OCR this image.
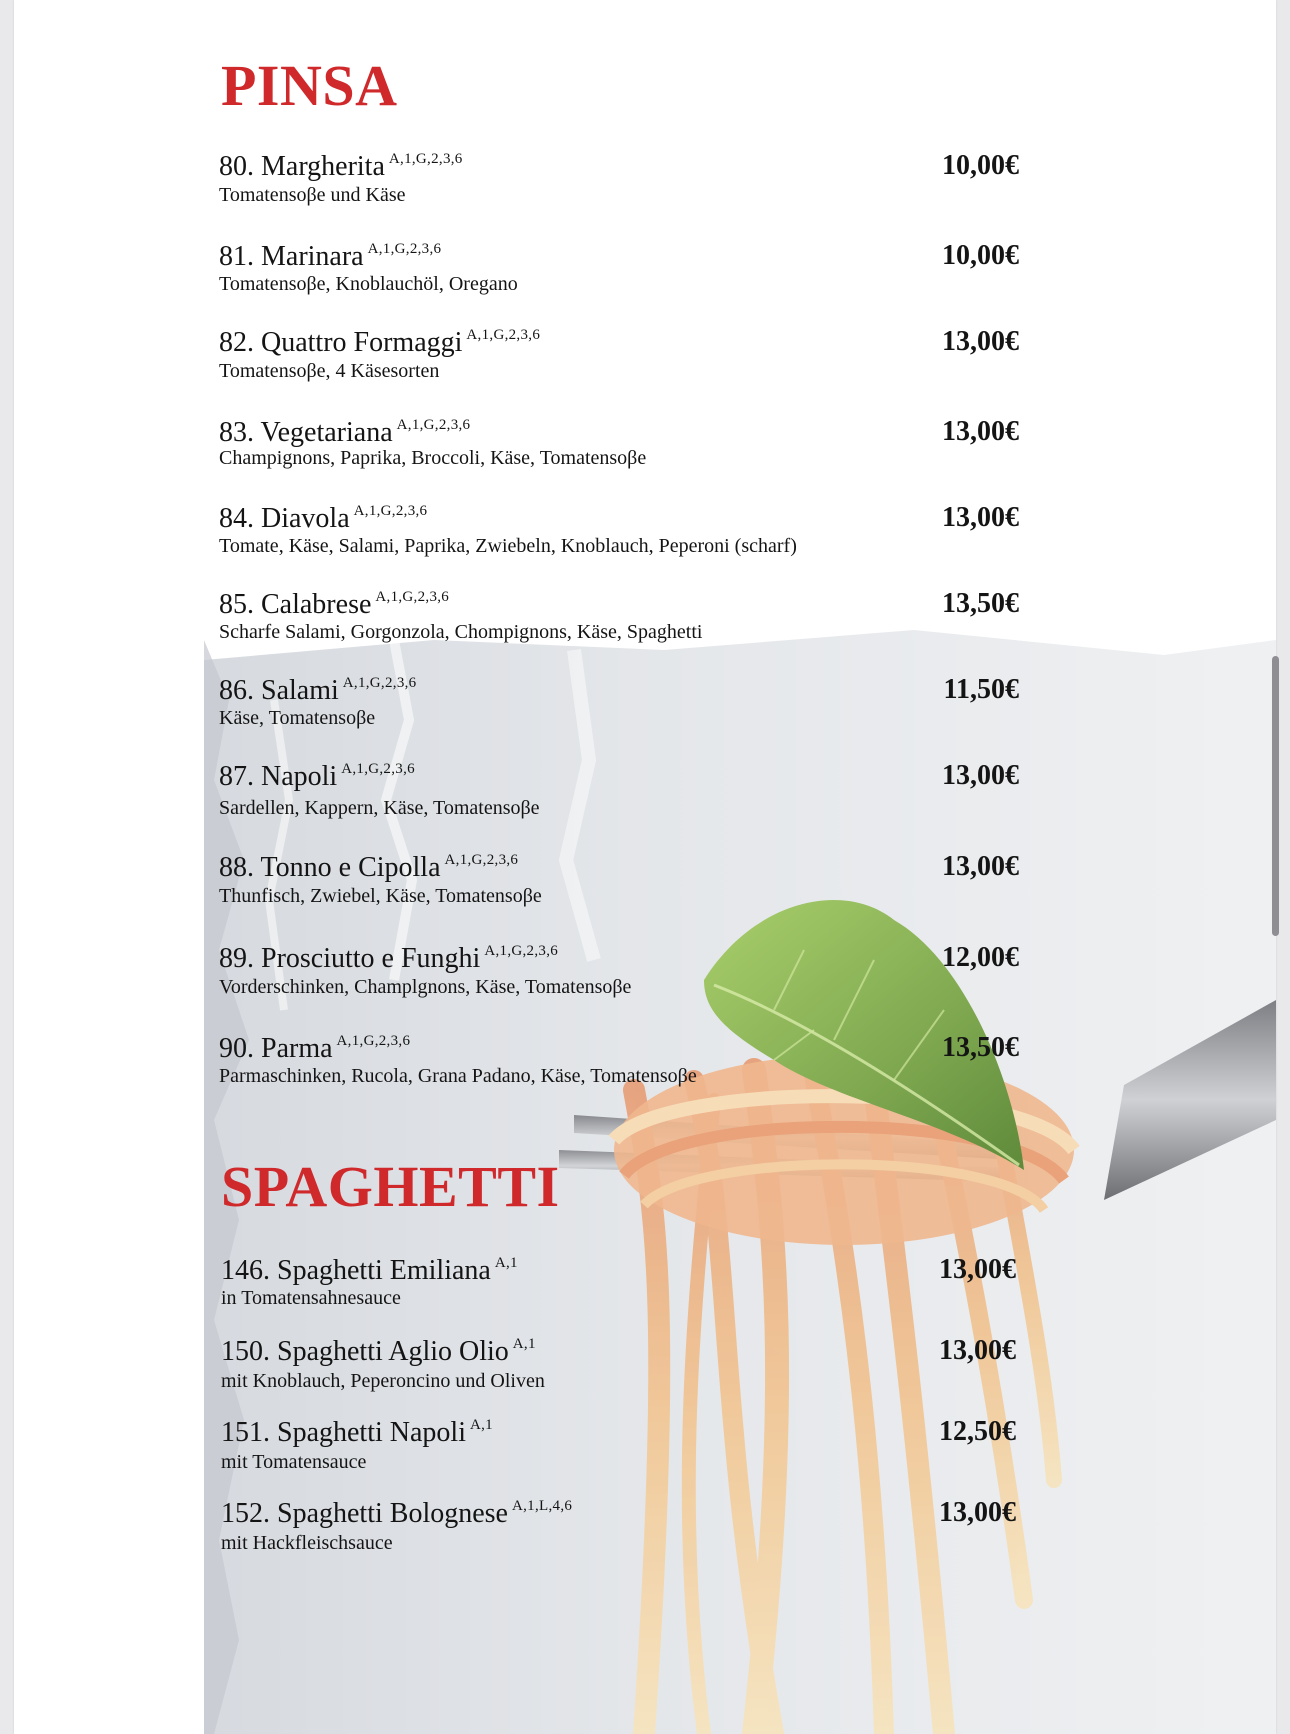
PINSA
80. Margherita $^{A,1,G,2,3,6}$
Tomatensoβe und Käse
10,00€
81. Marinara $^{A,1,G,2,3,6}$
Tomatensoβe, Knoblauchöl, Oregano
10,00€
82. Quattro Formaggi $^{A,1,G,2,3,6}$
Tomatensoβe, 4 Käsesorten
13,00€
83. Vegetariana $^{A,1,G,2,3,6}$
Champignons, Paprika, Broccoli, Käse, Tomatensoβe
13,00€
84. Diavola $^{A,1,G,2,3,6}$
Tomate, Käse, Salami, Paprika, Zwiebeln, Knoblauch, Peperoni (scharf)
13,00€
85. Calabrese $^{A,1,G,2,3,6}$
Scharfe Salami, Gorgonzola, Chompignons, Käse, Spaghetti
13,50€
86. Salami $^{A,1,G,2,3,6}$
Käse, Tomatensoβe
11,50€
87. Napoli $^{A,1,G,2,3,6}$
Sardellen, Kappern, Käse, Tomatensoβe
13,00€
88. Tonno e Cipolla $^{A,1,G,2,3,6}$
Thunfisch, Zwiebel, Käse, Tomatensoβe
13,00€
89. Prosciutto e Funghi $^{A,1,G,2,3,6}$
Vorderschinken, Champlgnons, Käse, Tomatensoβe
12,00€
90. Parma $^{A,1,G,2,3,6}$
Parmaschinken, Rucola, Grana Padano, Käse, Tomatensoβe
13,50€
SPAGHETTI
146. Spaghetti Emiliana $^{A,1}$
in Tomatensahnesauce
13,00€
150. Spaghetti Aglio Olio $^{A,1}$
mit Knoblauch, Peperoncino und Oliven
13,00€
151. Spaghetti Napoli $^{A,1}$
mit Tomatensauce
12,50€
152. Spaghetti Bolognese $^{A,1,L,4,6}$
mit Hackfleischsauce
13,00€
